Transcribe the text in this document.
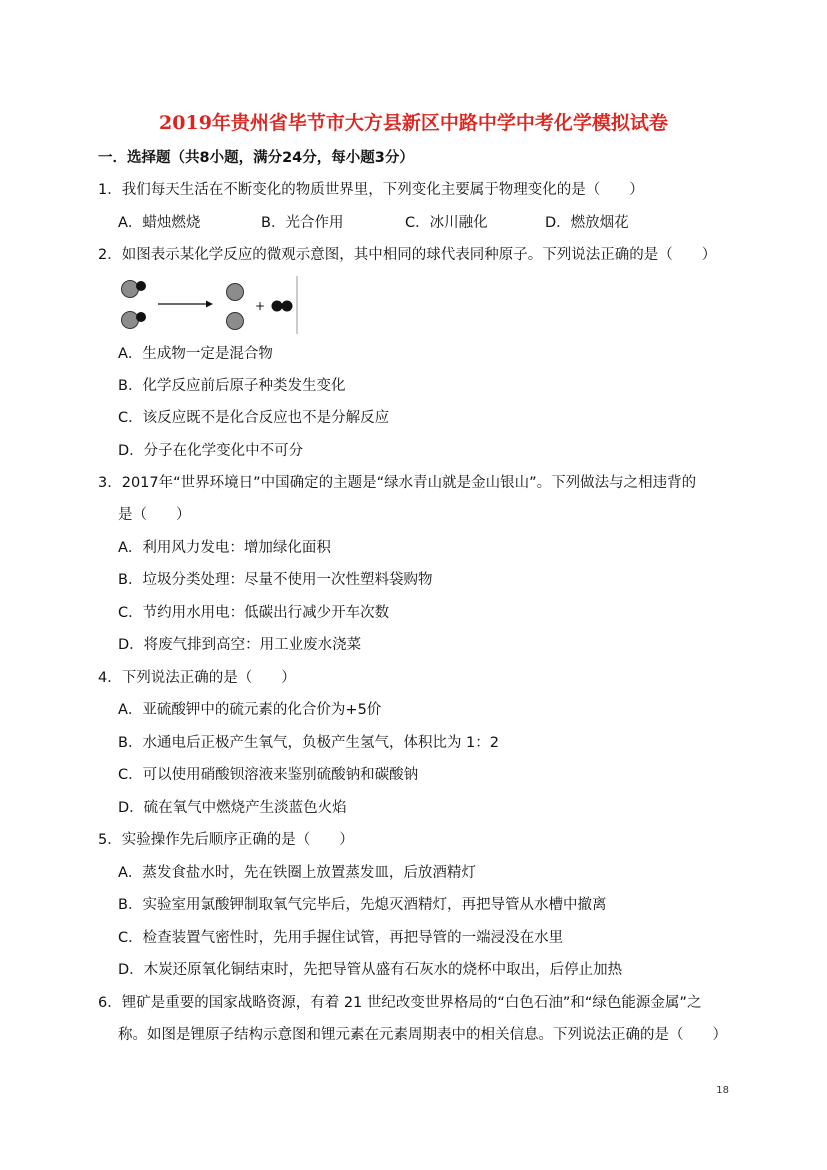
2019年贵州省毕节市大方县新区中路中学中考化学模拟试卷
一．选择题（共8小题，满分24分，每小题3分）
1．我们每天生活在不断变化的物质世界里，下列变化主要属于物理变化的是（　　）
A．蜡烛燃烧	B．光合作用	C．冰川融化	D．燃放烟花
2．如图表示某化学反应的微观示意图，其中相同的球代表同种原子。下列说法正确的是（　　）
+
A．生成物一定是混合物
B．化学反应前后原子种类发生变化
C．该反应既不是化合反应也不是分解反应
D．分子在化学变化中不可分
3．2017年“世界环境日”中国确定的主题是“绿水青山就是金山银山”。下列做法与之相违背的
是（　　）
A．利用风力发电：增加绿化面积
B．垃圾分类处理：尽量不使用一次性塑料袋购物
C．节约用水用电：低碳出行减少开车次数
D．将废气排到高空：用工业废水浇菜
4．下列说法正确的是（　　）
A．亚硫酸钾中的硫元素的化合价为+5价
B．水通电后正极产生氧气，负极产生氢气，体积比为 1：2
C．可以使用硝酸钡溶液来鉴别硫酸钠和碳酸钠
D．硫在氧气中燃烧产生淡蓝色火焰
5．实验操作先后顺序正确的是（　　）
A．蒸发食盐水时，先在铁圈上放置蒸发皿，后放酒精灯
B．实验室用氯酸钾制取氧气完毕后，先熄灭酒精灯，再把导管从水槽中撤离
C．检查装置气密性时，先用手握住试管，再把导管的一端浸没在水里
D．木炭还原氧化铜结束时，先把导管从盛有石灰水的烧杯中取出，后停止加热
6．锂矿是重要的国家战略资源，有着 21 世纪改变世界格局的“白色石油”和“绿色能源金属”之
称。如图是锂原子结构示意图和锂元素在元素周期表中的相关信息。下列说法正确的是（　　）
18
